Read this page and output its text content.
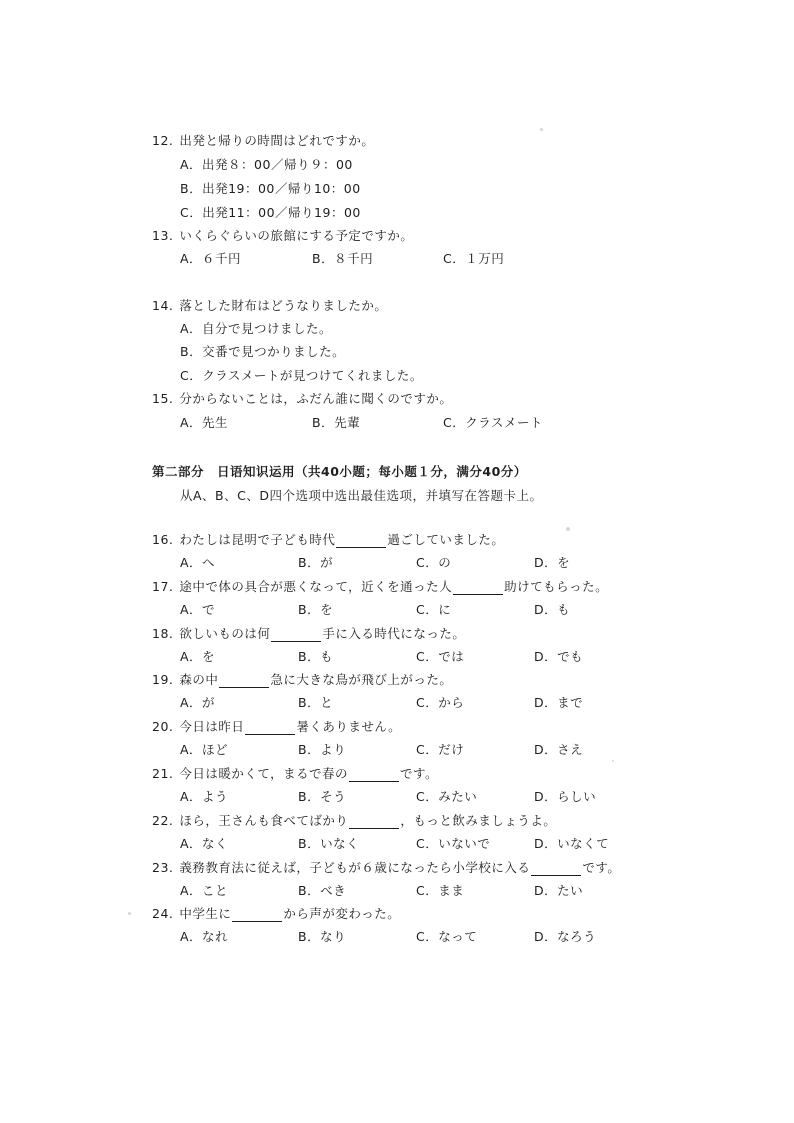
12. 出発と帰りの時間はどれですか。
A．出発８：00／帰り９：00
B．出発19：00／帰り10：00
C．出発11：00／帰り19：00
13. いくらぐらいの旅館にする予定ですか。
A．６千円	B．８千円	C．１万円
14. 落とした財布はどうなりましたか。
A．自分で見つけました。
B．交番で見つかりました。
C．クラスメートが見つけてくれました。
15. 分からないことは，ふだん誰に聞くのですか。
A．先生	B．先輩	C．クラスメート
第二部分　日语知识运用（共40小题；每小题１分，满分40分）
从A、B、C、D四个选项中选出最佳选项，并填写在答题卡上。
16. わたしは昆明で子ども時代	過ごしていました。
A．へ	B．が	C．の	D．を
17. 途中で体の具合が悪くなって，近くを通った人	助けてもらった。
A．で	B．を	C．に	D．も
18. 欲しいものは何	手に入る時代になった。
A．を	B．も	C．では	D．でも
19. 森の中	急に大きな鳥が飛び上がった。
A．が	B．と	C．から	D．まで
20. 今日は昨日	暑くありません。
A．ほど	B．より	C．だけ	D．さえ
21. 今日は暖かくて，まるで春の	です。
A．よう	B．そう	C．みたい	D．らしい
22. ほら，王さんも食べてばかり	，もっと飲みましょうよ。
A．なく	B．いなく	C．いないで	D．いなくて
23. 義務教育法に従えば，子どもが６歳になったら小学校に入る	です。
A．こと	B．べき	C．まま	D．たい
24. 中学生に	から声が変わった。
A．なれ	B．なり	C．なって	D．なろう
